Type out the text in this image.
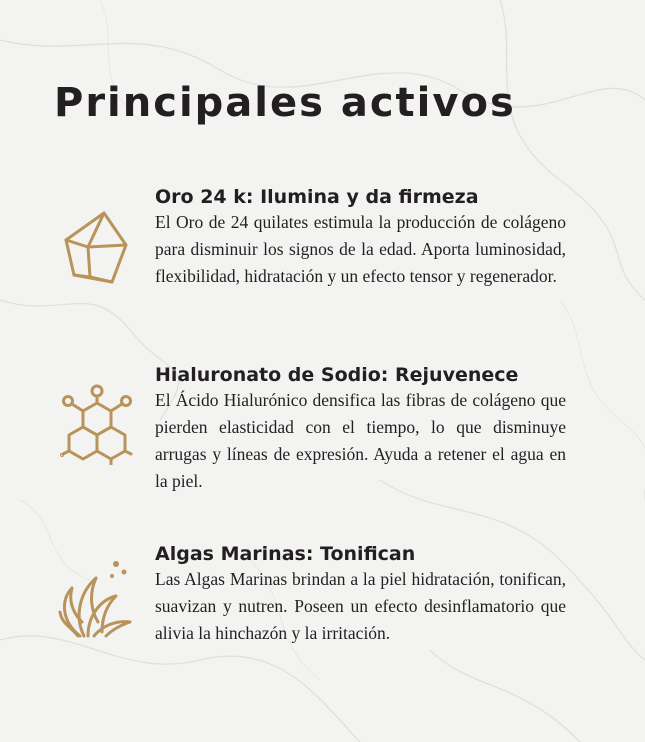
Principales activos
Oro 24 k: Ilumina y da firmeza

El Oro de 24 quilates estimula la producción de colágeno para disminuir los signos de la edad. Aporta luminosidad, flexibilidad, hidratación y un efecto tensor y regenerador.

Hialuronato de Sodio: Rejuvenece

El Ácido Hialurónico densifica las fibras de colágeno que pierden elasticidad con el tiempo, lo que disminuye arrugas y líneas de expresión. Ayuda a retener el agua en la piel.

Algas Marinas: Tonifican

Las Algas Marinas brindan a la piel hidratación, tonifican, suavizan y nutren. Poseen un efecto desinflamatorio que alivia la hinchazón y la irritación.
